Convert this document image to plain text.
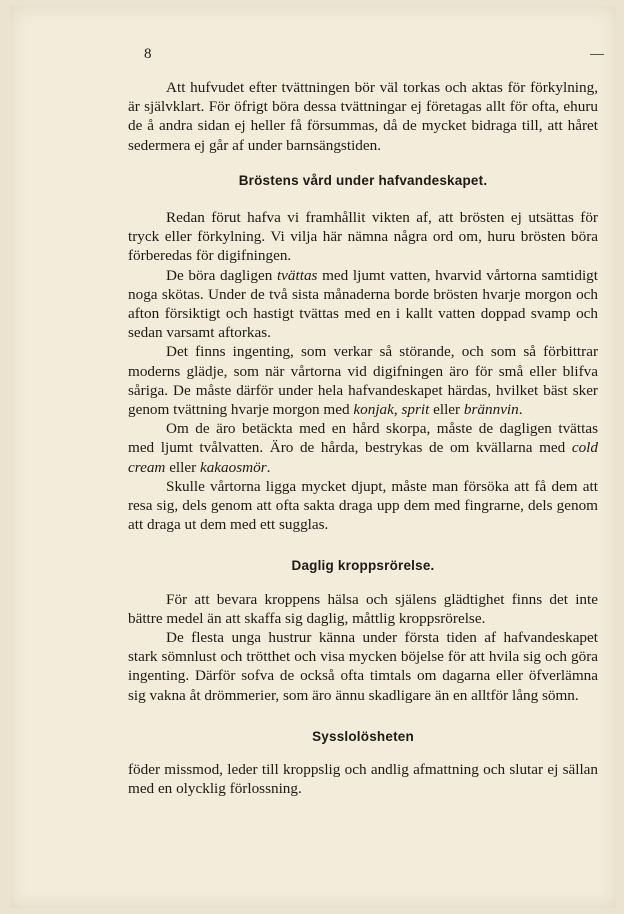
8

Att hufvudet efter tvättningen bör väl torkas och aktas för förkylning, är självklart. För öfrigt böra dessa tvättningar ej företagas allt för ofta, ehuru de å andra sidan ej heller få försummas, då de mycket bidraga till, att håret sedermera ej går af under barnsängstiden.

Bröstens vård under hafvandeskapet.

Redan förut hafva vi framhållit vikten af, att brösten ej utsättas för tryck eller förkylning. Vi vilja här nämna några ord om, huru brösten böra förberedas för digifningen.

De böra dagligen tvättas med ljumt vatten, hvarvid vårtorna samtidigt noga skötas. Under de två sista månaderna borde brösten hvarje morgon och afton försiktigt och hastigt tvättas med en i kallt vatten doppad svamp och sedan varsamt aftorkas.

Det finns ingenting, som verkar så störande, och som så förbittrar moderns glädje, som när vårtorna vid digifningen äro för små eller blifva såriga. De måste därför under hela hafvandeskapet härdas, hvilket bäst sker genom tvättning hvarje morgon med konjak, sprit eller brännvin.

Om de äro betäckta med en hård skorpa, måste de dagligen tvättas med ljumt tvålvatten. Äro de hårda, bestrykas de om kvällarna med cold cream eller kakaosmör.

Skulle vårtorna ligga mycket djupt, måste man försöka att få dem att resa sig, dels genom att ofta sakta draga upp dem med fingrarne, dels genom att draga ut dem med ett sugglas.

Daglig kroppsrörelse.

För att bevara kroppens hälsa och själens glädtighet finns det inte bättre medel än att skaffa sig daglig, måttlig kroppsrörelse.

De flesta unga hustrur känna under första tiden af hafvandeskapet stark sömnlust och trötthet och visa mycken böjelse för att hvila sig och göra ingenting. Därför sofva de också ofta timtals om dagarna eller öfverlämna sig vakna åt drömmerier, som äro ännu skadligare än en alltför lång sömn.

Sysslolösheten

föder missmod, leder till kroppslig och andlig afmattning och slutar ej sällan med en olycklig förlossning.
